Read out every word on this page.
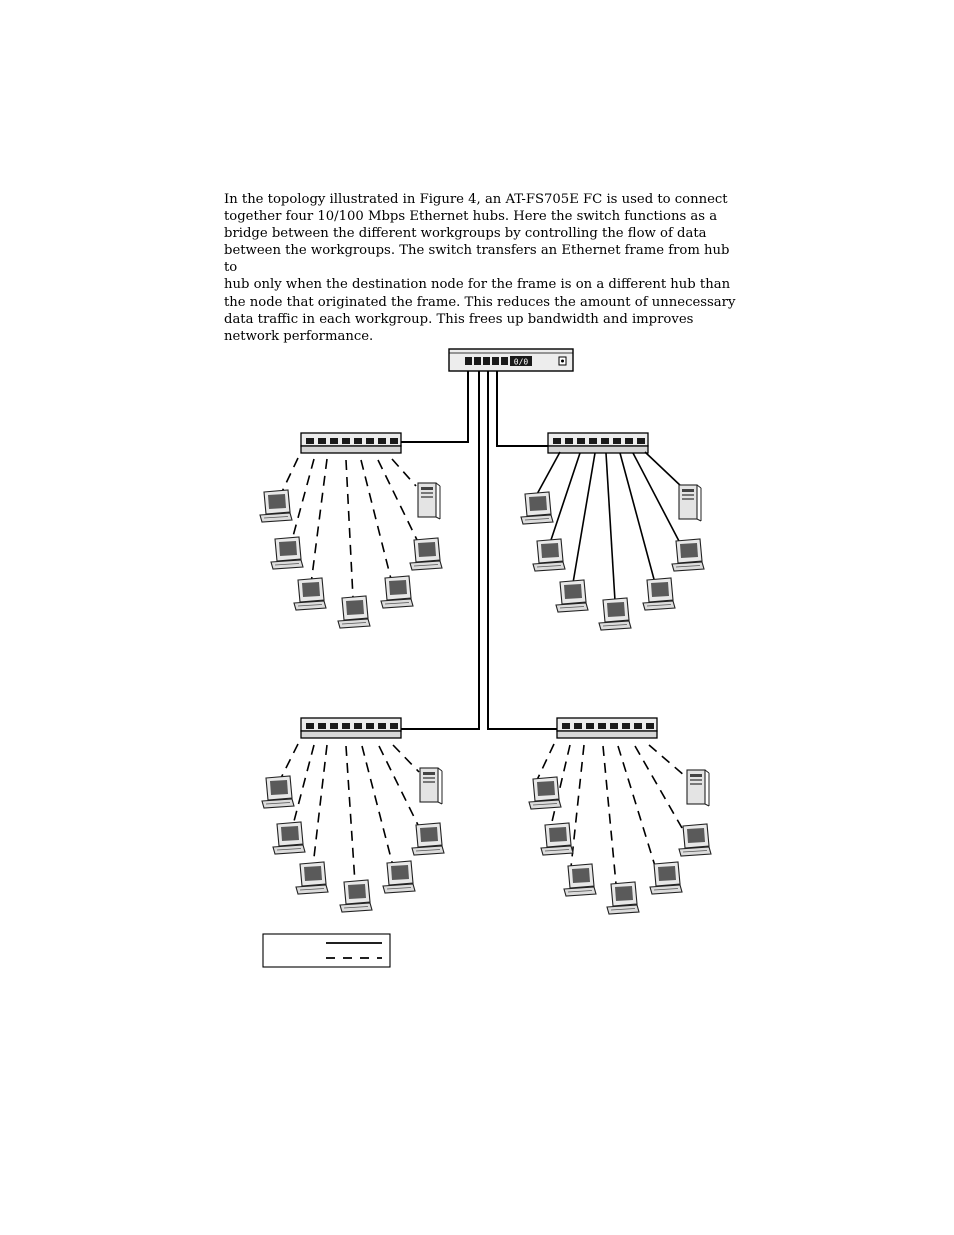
In the topology illustrated in Figure 4, an AT-FS705E FC is used to connect
together four 10/100 Mbps Ethernet hubs. Here the switch functions as a
bridge between the different workgroups by controlling the flow of data
between the workgroups. The switch transfers an Ethernet frame from hub to
hub only when the destination node for the frame is on a different hub than
the node that originated the frame. This reduces the amount of unnecessary
data traffic in each workgroup. This frees up bandwidth and improves
network performance.

0/0
